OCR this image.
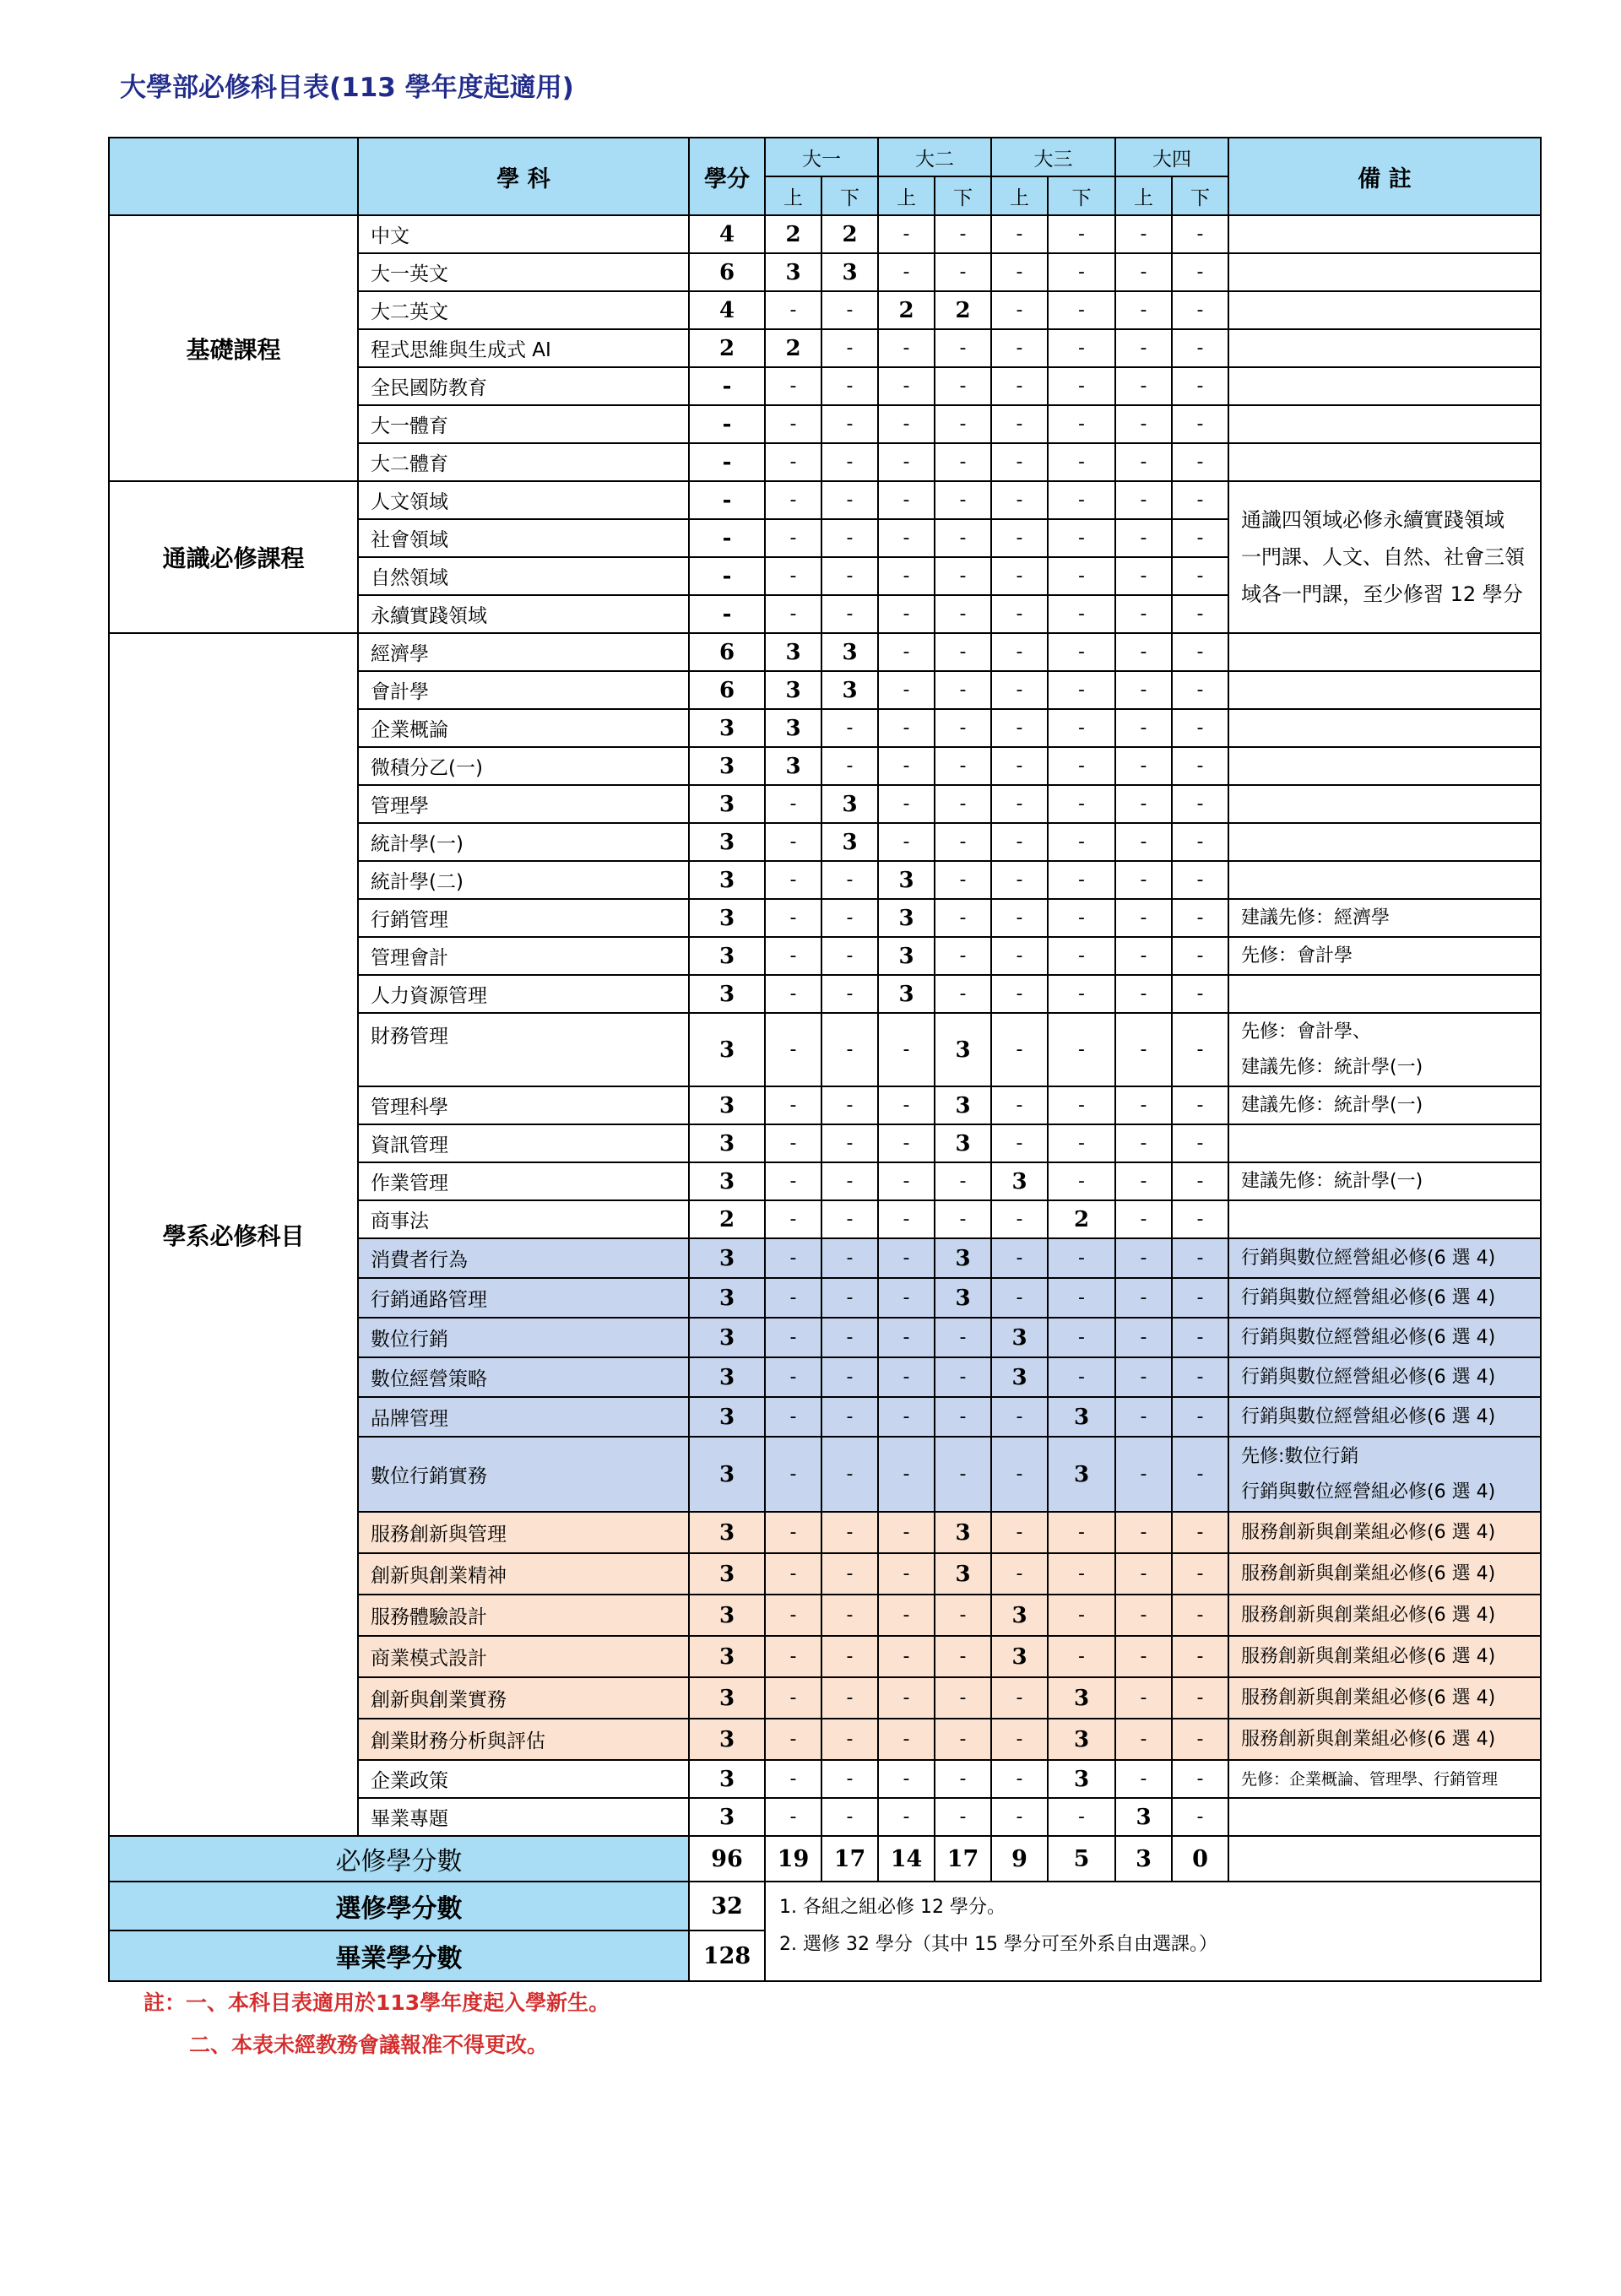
大學部必修科目表(113 學年度起適用)
	學 科	學分	大一		大二		大三		大四		備 註
			上	下	上	下	上	下	上	下	
基礎課程	中文	4	2	2	-	-	-	-	-	-	

	大一英文	6	3	3	-	-	-	-	-	-	

	大二英文	4	-	-	2	2	-	-	-	-	

	程式思維與生成式 AI	2	2	-	-	-	-	-	-	-	

	全民國防教育	-	-	-	-	-	-	-	-	-	

	大一體育	-	-	-	-	-	-	-	-	-	

	大二體育	-	-	-	-	-	-	-	-	-	

通識必修課程	人文領域	-	-	-	-	-	-	-	-	-	通識四領域必修永續實踐領域
一門課、人文、自然、社會三領
域各一門課，至少修習 12 學分

	社會領域	-	-	-	-	-	-	-	-	-	
	自然領域	-	-	-	-	-	-	-	-	-	
	永續實踐領域	-	-	-	-	-	-	-	-	-	
學系必修科目	經濟學	6	3	3	-	-	-	-	-	-	

	會計學	6	3	3	-	-	-	-	-	-	

	企業概論	3	3	-	-	-	-	-	-	-	

	微積分乙(一)	3	3	-	-	-	-	-	-	-	

	管理學	3	-	3	-	-	-	-	-	-	

	統計學(一)	3	-	3	-	-	-	-	-	-	

	統計學(二)	3	-	-	3	-	-	-	-	-	

	行銷管理	3	-	-	3	-	-	-	-	-	建議先修：經濟學

	管理會計	3	-	-	3	-	-	-	-	-	先修：會計學

	人力資源管理	3	-	-	3	-	-	-	-	-	

	財務管理	3	-	-	-	3	-	-	-	-	先修：會計學、
建議先修：統計學(一)

	管理科學	3	-	-	-	3	-	-	-	-	建議先修：統計學(一)

	資訊管理	3	-	-	-	3	-	-	-	-	

	作業管理	3	-	-	-	-	3	-	-	-	建議先修：統計學(一)

	商事法	2	-	-	-	-	-	2	-	-	

	消費者行為	3	-	-	-	3	-	-	-	-	行銷與數位經營組必修(6 選 4)

	行銷通路管理	3	-	-	-	3	-	-	-	-	行銷與數位經營組必修(6 選 4)

	數位行銷	3	-	-	-	-	3	-	-	-	行銷與數位經營組必修(6 選 4)

	數位經營策略	3	-	-	-	-	3	-	-	-	行銷與數位經營組必修(6 選 4)

	品牌管理	3	-	-	-	-	-	3	-	-	行銷與數位經營組必修(6 選 4)

	數位行銷實務	3	-	-	-	-	-	3	-	-	先修:數位行銷
行銷與數位經營組必修(6 選 4)

	服務創新與管理	3	-	-	-	3	-	-	-	-	服務創新與創業組必修(6 選 4)

	創新與創業精神	3	-	-	-	3	-	-	-	-	服務創新與創業組必修(6 選 4)

	服務體驗設計	3	-	-	-	-	3	-	-	-	服務創新與創業組必修(6 選 4)

	商業模式設計	3	-	-	-	-	3	-	-	-	服務創新與創業組必修(6 選 4)

	創新與創業實務	3	-	-	-	-	-	3	-	-	服務創新與創業組必修(6 選 4)

	創業財務分析與評估	3	-	-	-	-	-	3	-	-	服務創新與創業組必修(6 選 4)

	企業政策	3	-	-	-	-	-	3	-	-	先修：企業概論、管理學、行銷管理

	畢業專題	3	-	-	-	-	-	-	3	-	

必修學分數		96	19	17	14	17	9	5	3	0	
選修學分數		32	1. 各組之組必修 12 學分。
2. 選修 32 學分（其中 15 學分可至外系自由選課。）								

畢業學分數		128									
註：一、本科目表適用於113學年度起入學新生。
二、本表未經教務會議報准不得更改。
